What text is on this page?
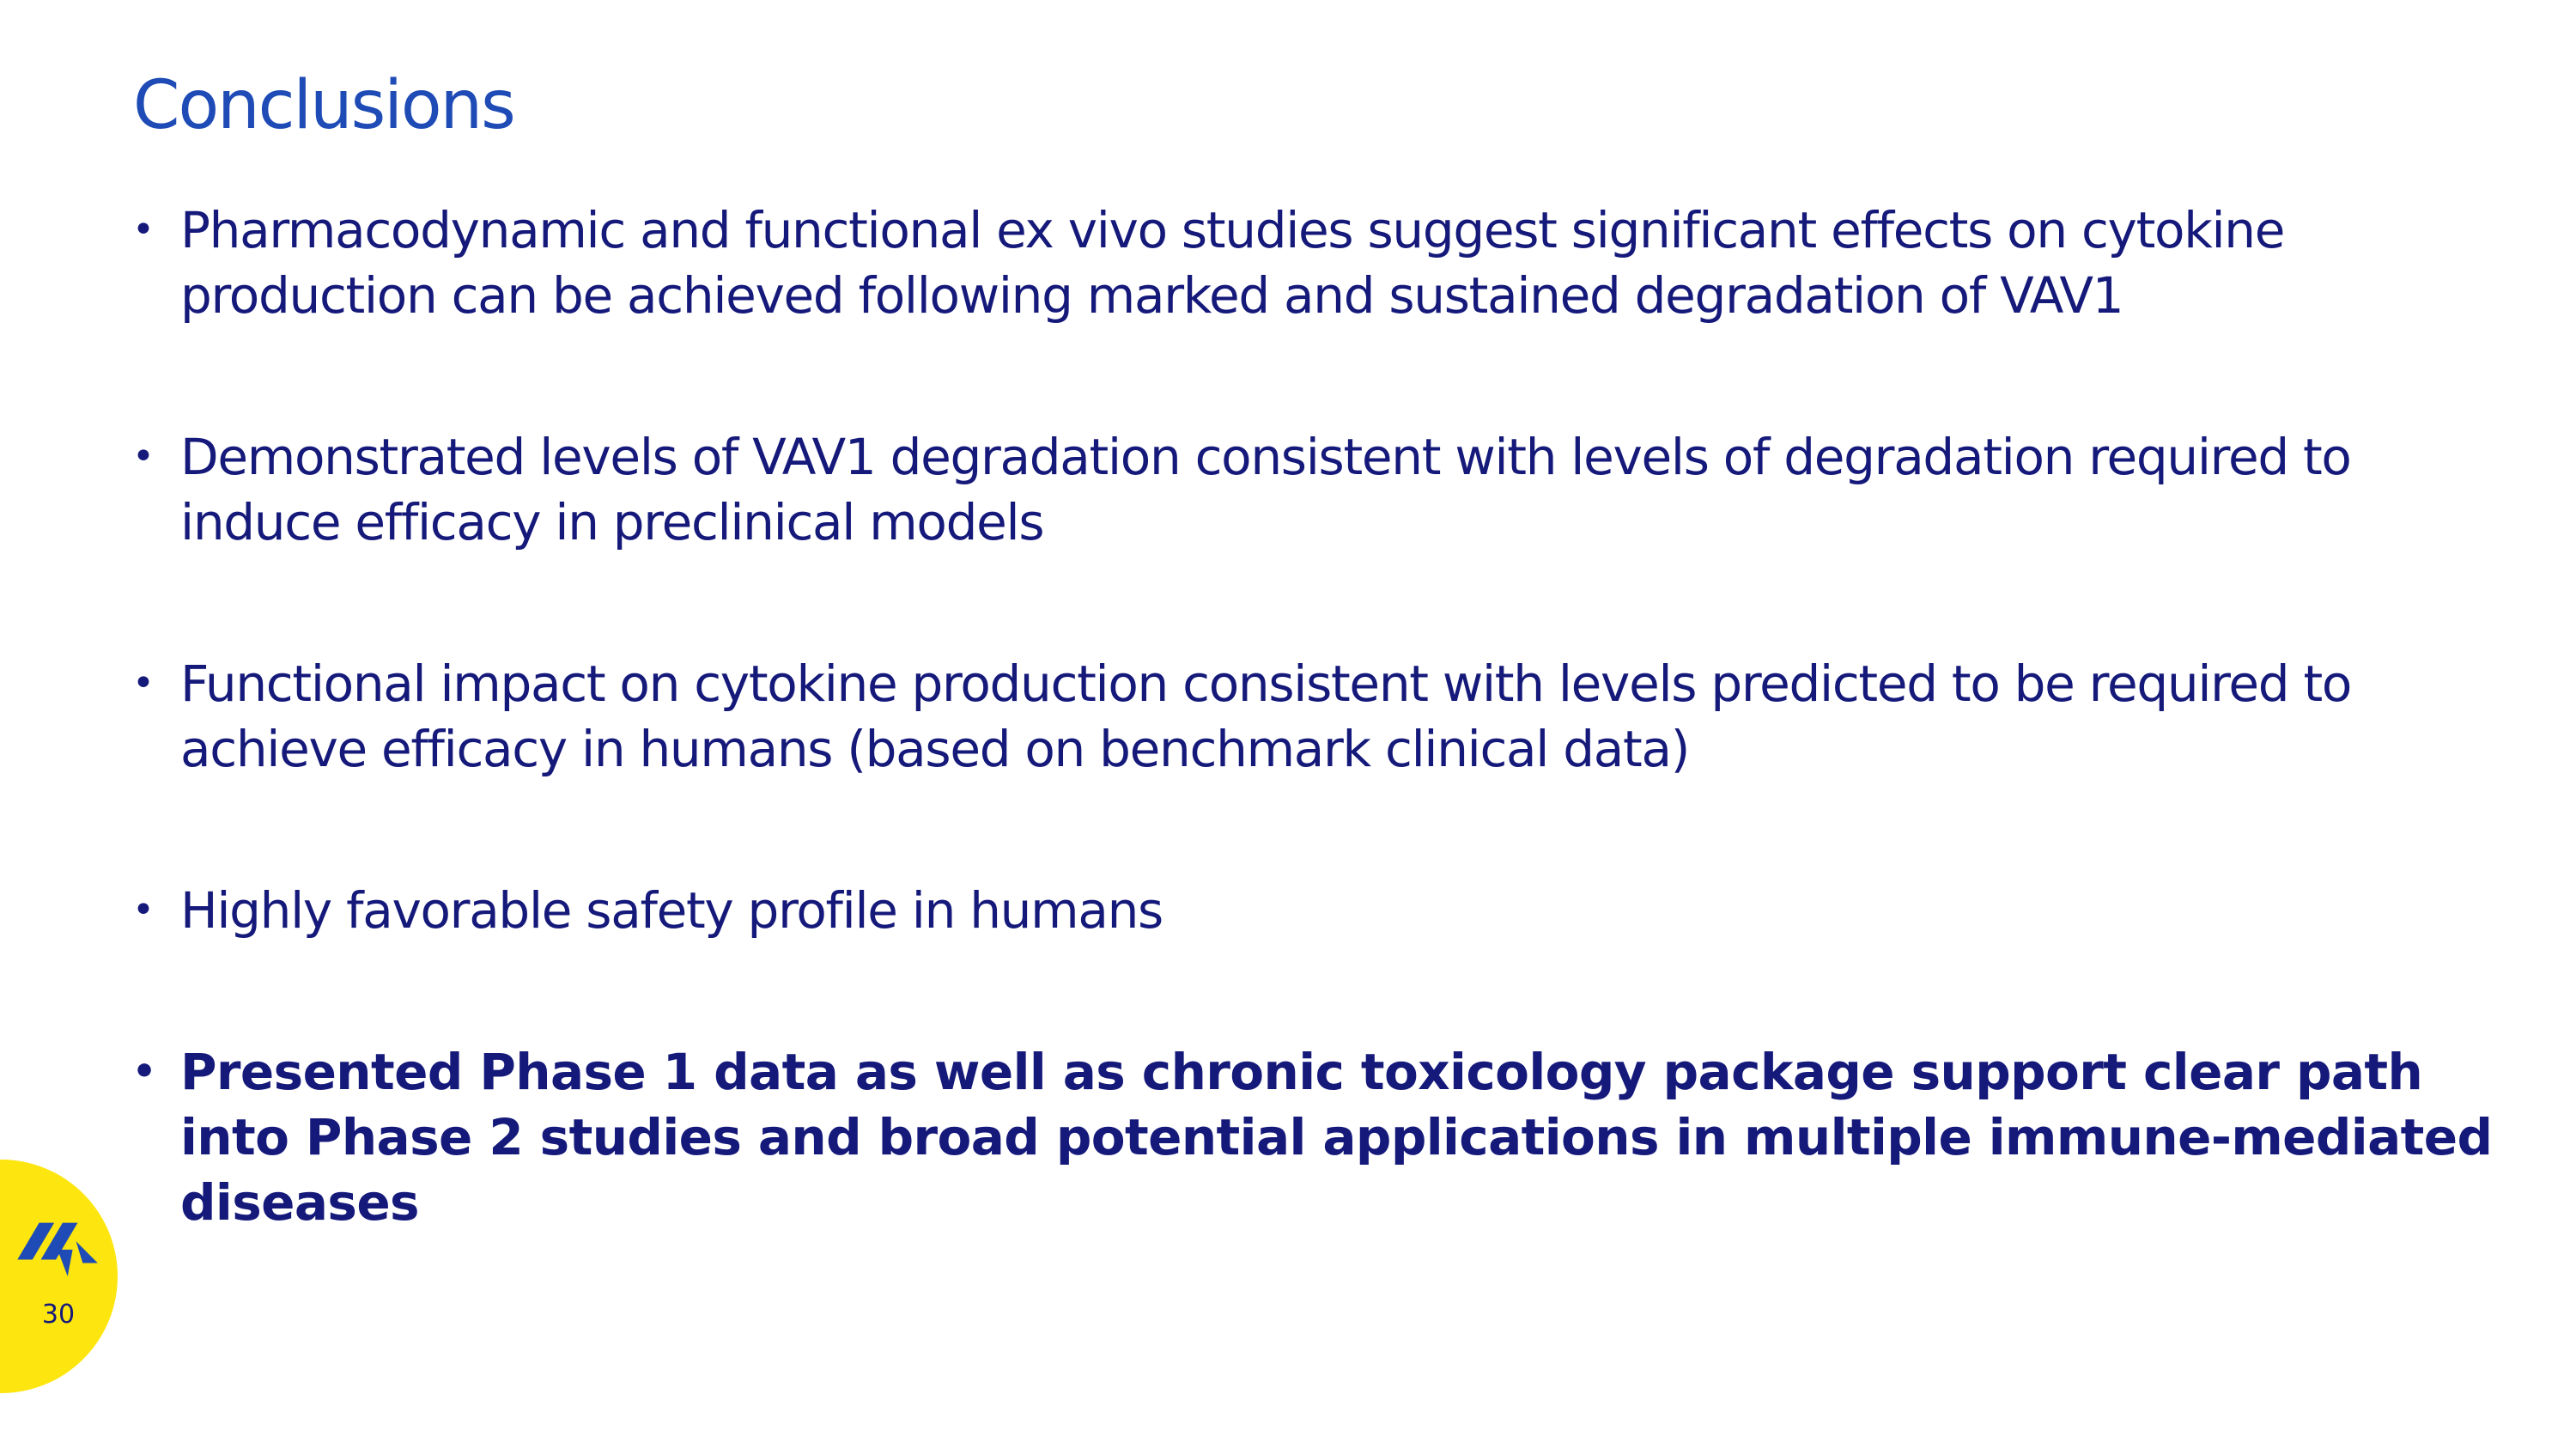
Conclusions
• Pharmacodynamic and functional ex vivo studies suggest significant effects on cytokine production can be achieved following marked and sustained degradation of VAV1
• Demonstrated levels of VAV1 degradation consistent with levels of degradation required to induce efficacy in preclinical models
• Functional impact on cytokine production consistent with levels predicted to be required to achieve efficacy in humans (based on benchmark clinical data)
• Highly favorable safety profile in humans
• Presented Phase 1 data as well as chronic toxicology package support clear path into Phase 2 studies and broad potential applications in multiple immune-mediated diseases
30
